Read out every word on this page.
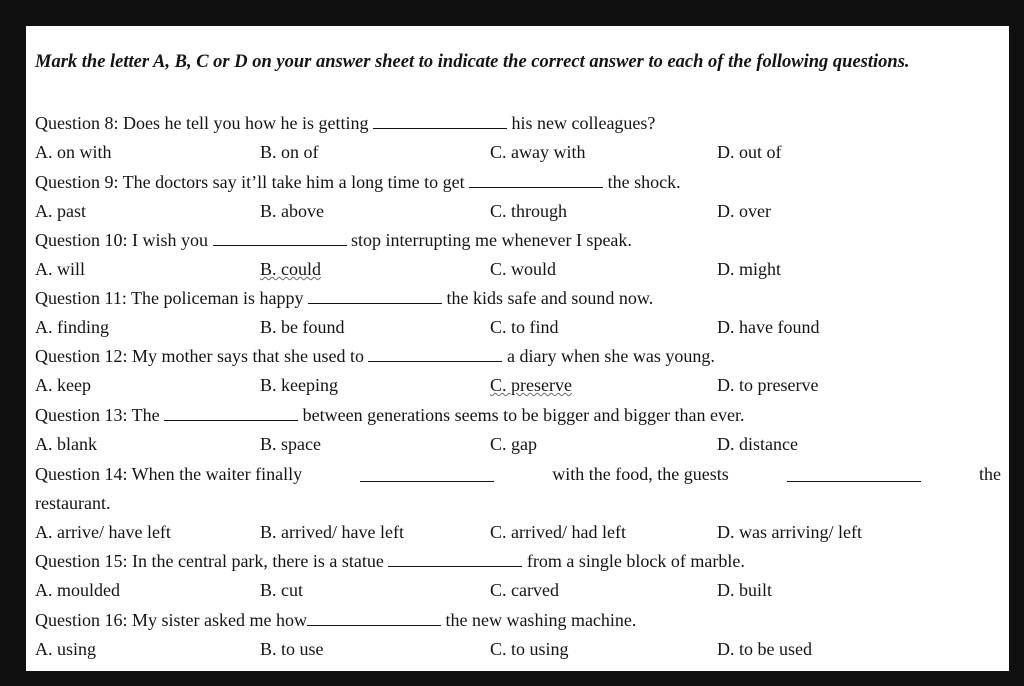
Mark the letter A, B, C or D on your answer sheet to indicate the correct answer to each of the following questions.
Question 8: Does he tell you how he is getting	his new colleagues?
A. on with	B. on of	C. away with	D. out of
Question 9: The doctors say it’ll take him a long time to get	the shock.
A. past	B. above	C. through	D. over
Question 10: I wish you	stop interrupting me whenever I speak.
A. will	B. could	C. would	D. might
Question 11: The policeman is happy	the kids safe and sound now.
A. finding	B. be found	C. to find	D. have found
Question 12: My mother says that she used to	a diary when she was young.
A. keep	B. keeping	C. preserve	D. to preserve
Question 13: The	between generations seems to be bigger and bigger than ever.
A. blank	B. space	C. gap	D. distance
Question 14: When the waiter finally	with the food, the guests	the
restaurant.
A. arrive/ have left	B. arrived/ have left	C. arrived/ had left	D. was arriving/ left
Question 15: In the central park, there is a statue	from a single block of marble.
A. moulded	B. cut	C. carved	D. built
Question 16: My sister asked me how	the new washing machine.
A. using	B. to use	C. to using	D. to be used
